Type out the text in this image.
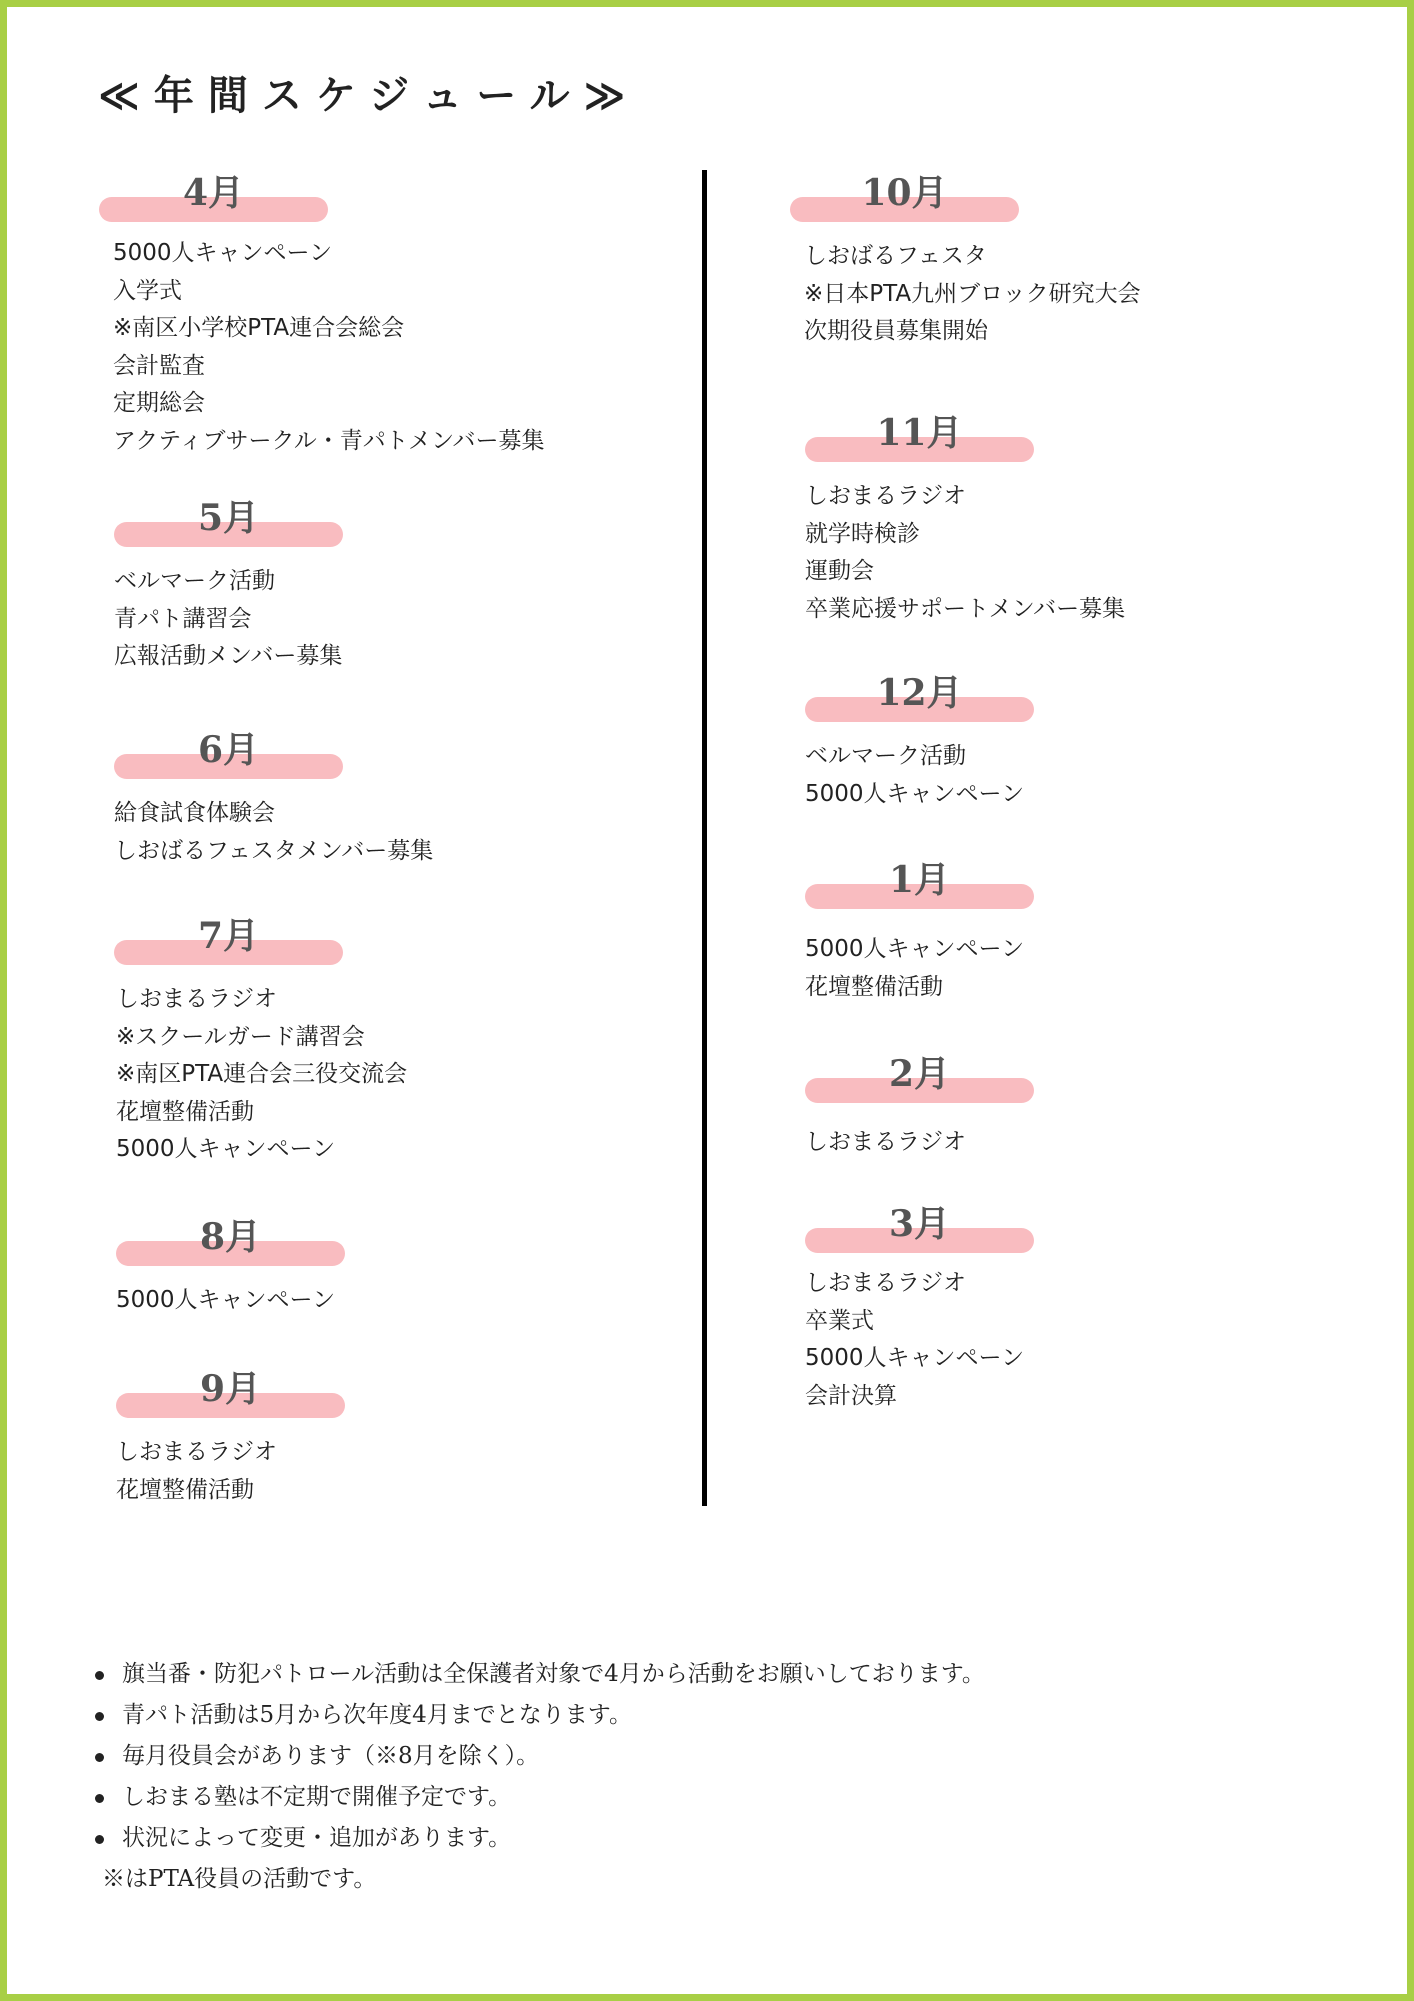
≪年間スケジュール≫
4月
5000人キャンペーン
入学式
※南区小学校PTA連合会総会
会計監査
定期総会
アクティブサークル・青パトメンバー募集
5月
ベルマーク活動
青パト講習会
広報活動メンバー募集
6月
給食試食体験会
しおばるフェスタメンバー募集
7月
しおまるラジオ
※スクールガード講習会
※南区PTA連合会三役交流会
花壇整備活動
5000人キャンペーン
8月
5000人キャンペーン
9月
しおまるラジオ
花壇整備活動
10月
しおばるフェスタ
※日本PTA九州ブロック研究大会
次期役員募集開始
11月
しおまるラジオ
就学時検診
運動会
卒業応援サポートメンバー募集
12月
ベルマーク活動
5000人キャンペーン
1月
5000人キャンペーン
花壇整備活動
2月
しおまるラジオ
3月
しおまるラジオ
卒業式
5000人キャンペーン
会計決算
旗当番・防犯パトロール活動は全保護者対象で4月から活動をお願いしております。
青パト活動は5月から次年度4月までとなります。
毎月役員会があります（※8月を除く）。
しおまる塾は不定期で開催予定です。
状況によって変更・追加があります。
※はPTA役員の活動です。
